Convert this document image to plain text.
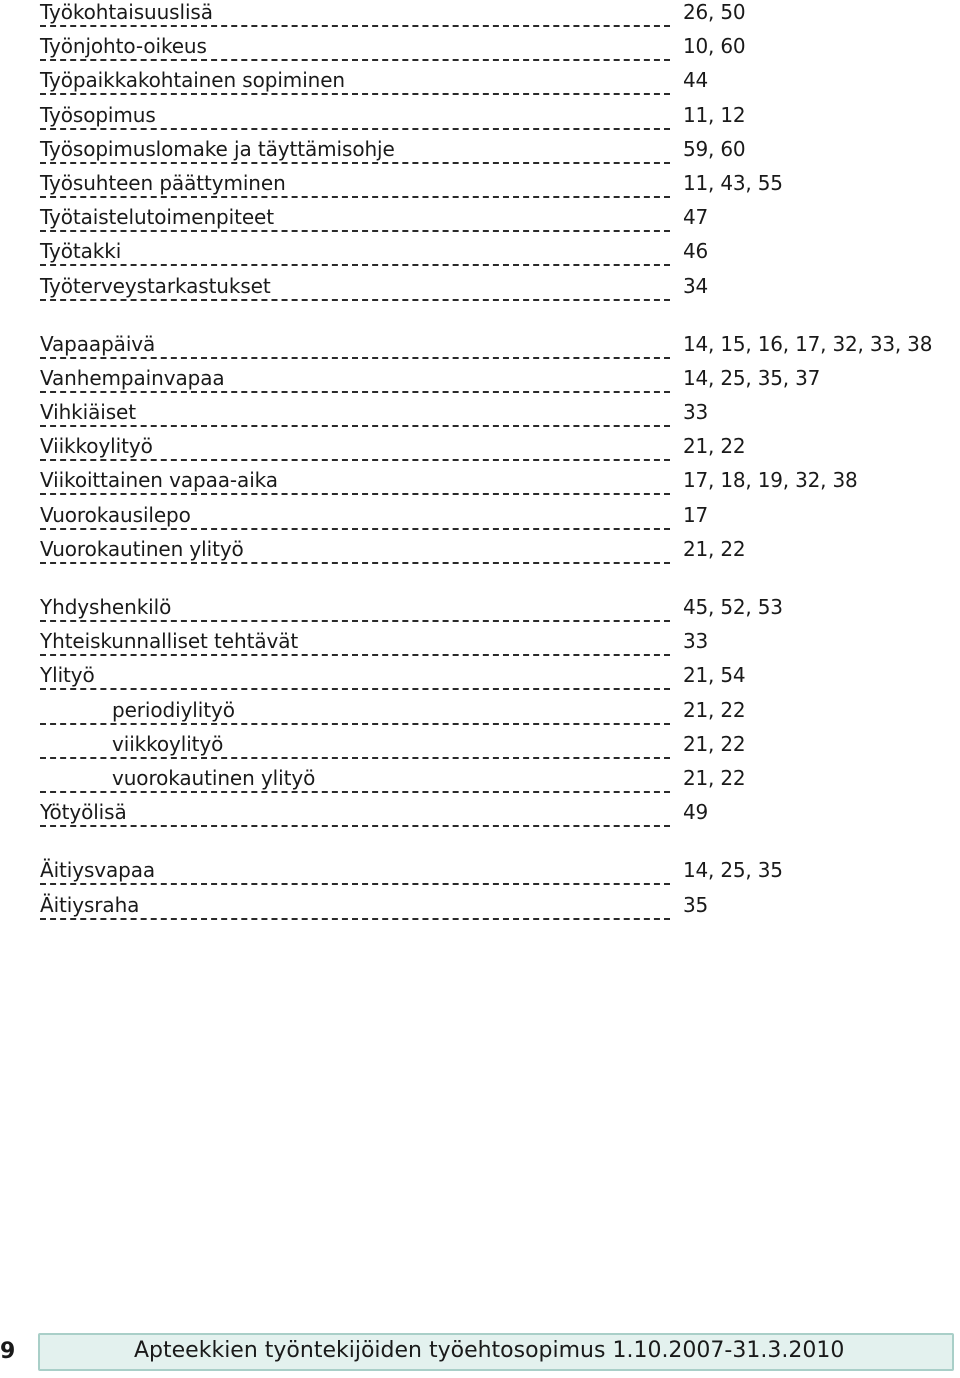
Työkohtaisuuslisä	26, 50
Työnjohto-oikeus	10, 60
Työpaikkakohtainen sopiminen	44
Työsopimus	11, 12
Työsopimuslomake ja täyttämisohje	59, 60
Työsuhteen päättyminen	11, 43, 55
Työtaistelutoimenpiteet	47
Työtakki	46
Työterveystarkastukset	34
Vapaapäivä	14, 15, 16, 17, 32, 33, 38
Vanhempainvapaa	14, 25, 35, 37
Vihkiäiset	33
Viikkoylityö	21, 22
Viikoittainen vapaa-aika	17, 18, 19, 32, 38
Vuorokausilepo	17
Vuorokautinen ylityö	21, 22
Yhdyshenkilö	45, 52, 53
Yhteiskunnalliset tehtävät	33
Ylityö	21, 54
periodiylityö	21, 22
viikkoylityö	21, 22
vuorokautinen ylityö	21, 22
Yötyölisä	49
Äitiysvapaa	14, 25, 35
Äitiysraha	35
9	Apteekkien työntekijöiden työehtosopimus 1.10.2007-31.3.2010
